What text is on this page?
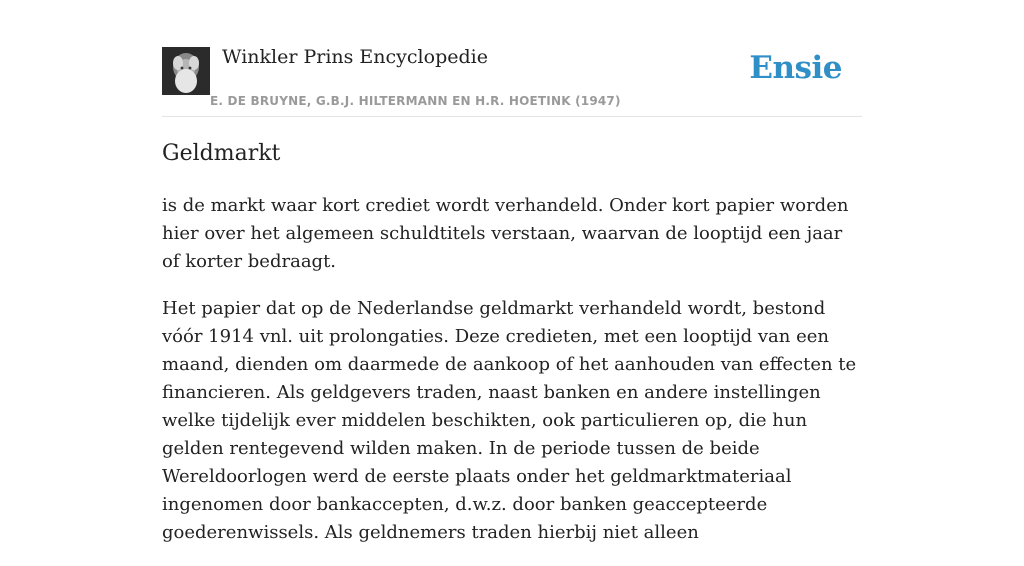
Winkler Prins Encyclopedie
E. DE BRUYNE, G.B.J. HILTERMANN EN H.R. HOETINK (1947)
Ensie
Geldmarkt

is de markt waar kort crediet wordt verhandeld. Onder kort papier worden hier over het algemeen schuldtitels verstaan, waarvan de looptijd een jaar of korter bedraagt.

Het papier dat op de Nederlandse geldmarkt verhandeld wordt, bestond vóór 1914 vnl. uit prolongaties. Deze credieten, met een looptijd van een maand, dienden om daarmede de aankoop of het aanhouden van effecten te financieren. Als geldgevers traden, naast banken en andere instellingen welke tijdelijk ever middelen beschikten, ook particulieren op, die hun gelden rentegevend wilden maken. In de periode tussen de beide Wereldoorlogen werd de eerste plaats onder het geldmarktmateriaal ingenomen door bankaccepten, d.w.z. door banken geaccepteerde goederenwissels. Als geldnemers traden hierbij niet alleen
